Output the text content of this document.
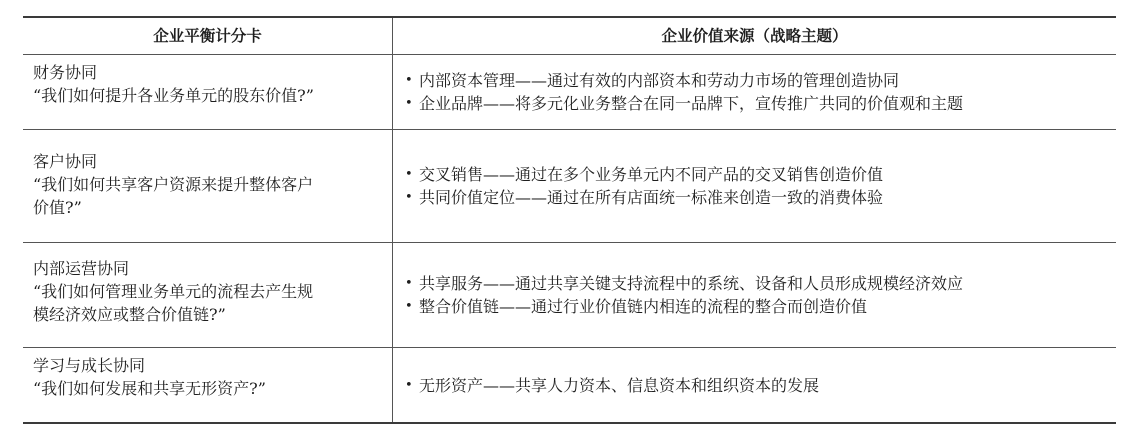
企业平衡计分卡	企业价值来源（战略主题）
财务协同
“我们如何提升各业务单元的股东价值?”
• 内部资本管理——通过有效的内部资本和劳动力市场的管理创造协同
• 企业品牌——将多元化业务整合在同一品牌下，宣传推广共同的价值观和主题
客户协同
“我们如何共享客户资源来提升整体客户
价值?”
• 交叉销售——通过在多个业务单元内不同产品的交叉销售创造价值
• 共同价值定位——通过在所有店面统一标准来创造一致的消费体验
内部运营协同
“我们如何管理业务单元的流程去产生规
模经济效应或整合价值链?”
• 共享服务——通过共享关键支持流程中的系统、设备和人员形成规模经济效应
• 整合价值链——通过行业价值链内相连的流程的整合而创造价值
学习与成长协同
“我们如何发展和共享无形资产?”	• 无形资产——共享人力资本、信息资本和组织资本的发展
